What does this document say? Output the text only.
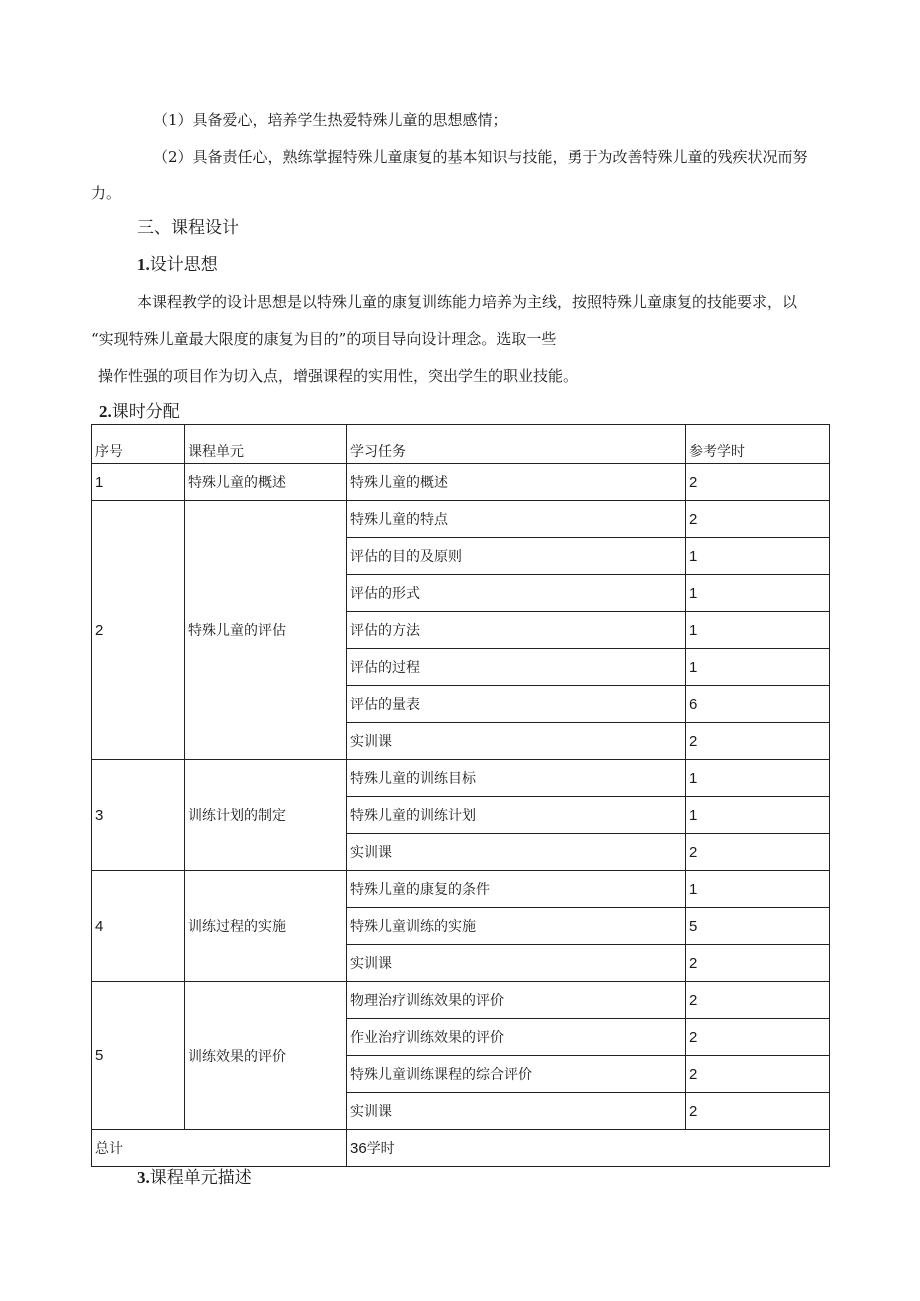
（1）具备爱心，培养学生热爱特殊儿童的思想感情；
（2）具备责任心，熟练掌握特殊儿童康复的基本知识与技能，勇于为改善特殊儿童的残疾状况而努
力。
三、课程设计
1.设计思想
本课程教学的设计思想是以特殊儿童的康复训练能力培养为主线，按照特殊儿童康复的技能要求，以
“实现特殊儿童最大限度的康复为目的”的项目导向设计理念。选取一些
操作性强的项目作为切入点，增强课程的实用性，突出学生的职业技能。
2.课时分配
序号	课程单元	学习任务	参考学时
1	特殊儿童的概述	特殊儿童的概述	2
2	特殊儿童的评估	特殊儿童的特点	2
		评估的目的及原则	1
		评估的形式	1
		评估的方法	1
		评估的过程	1
		评估的量表	6
		实训课	2
3	训练计划的制定	特殊儿童的训练目标	1
		特殊儿童的训练计划	1
		实训课	2
4	训练过程的实施	特殊儿童的康复的条件	1
		特殊儿童训练的实施	5
		实训课	2
5	训练效果的评价	物理治疗训练效果的评价	2
		作业治疗训练效果的评价	2
		特殊儿童训练课程的综合评价	2
		实训课	2
总计		36学时	
3.课程单元描述
